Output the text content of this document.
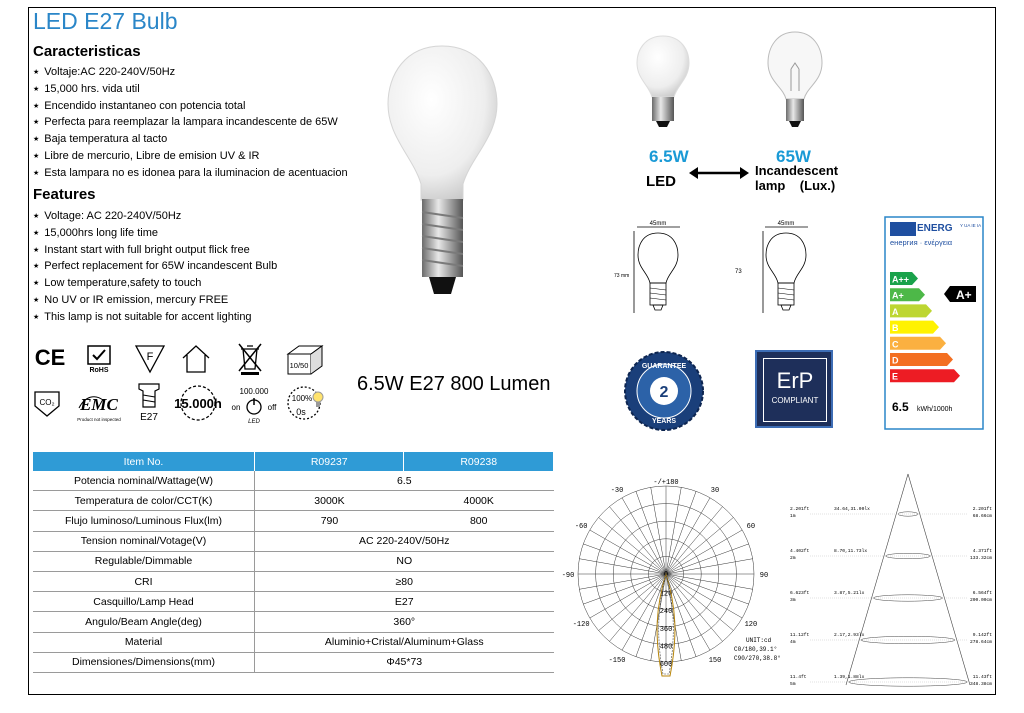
LED E27 Bulb
Caracteristicas
★ Voltaje:AC 220-240V/50Hz
★ 15,000 hrs. vida util
★ Encendido instantaneo con potencia total
★ Perfecta para reemplazar la lampara incandescente de 65W
★ Baja temperatura al tacto
★ Libre de mercurio, Libre de emision UV & IR
★ Esta lampara no es idonea para la iluminacion de acentuacion
Features
★ Voltage: AC 220-240V/50Hz
★ 15,000hrs long life time
★ Instant start with full bright output flick free
★ Perfect replacement for 65W incandescent Bulb
★ Low temperature,safety to touch
★ No UV or IR emission, mercury FREE
★ This lamp is not suitable for accent lighting
CE
RoHS
F
10/50
CO₂ EMC
Product not inspected E27
15.000h
100.000
on	off
LED
100%
0s
6.5W E27 800 Lumen
6.5W
LED
65W
Incandescent
lamp (Lux.)
45mm
73 mm
45mm
73
ENERG Y UA IE IA
енергия · ενέργεια
A++
A+
A
B
C
D
E
A+
6.5 kWh/1000h
GUARANTEE
2
YEARS
ErP
COMPLIANT
Item No.	R09237	R09238
Potencia nominal/Wattage(W)	6.5	
Temperatura de color/CCT(K)	3000K	4000K
Flujo luminoso/Luminous Flux(lm)	790	800
Tension nominal/Votage(V)	AC 220-240V/50Hz	
Regulable/Dimmable	NO	
CRI	≥80	
Casquillo/Lamp Head	E27	
Angulo/Beam Angle(deg)	360°	
Material	Aluminio+Cristal/Aluminum+Glass	
Dimensiones/Dimensions(mm)	Φ45*73	
-/+180
-150	150
-120	120
-90	90
-60	60
-30	30
0
120
240
360
480
600
UNIT:cd
C0/180,39.1°
C90/270,38.8°
2.201ft
1m
34.64,31.00lx	2.201ft
68.66cm
4.402ft
2m
8.70,11.73lx	4.371ft
133.32cm
6.623ft
3m
3.87,5.21lx	6.564ft
200.00cm
11.12ft
4m
2.17,2.93lx	9.142ft
278.64cm
11.4ft
5m
1.39,1.88lx	11.43ft
348.38cm
